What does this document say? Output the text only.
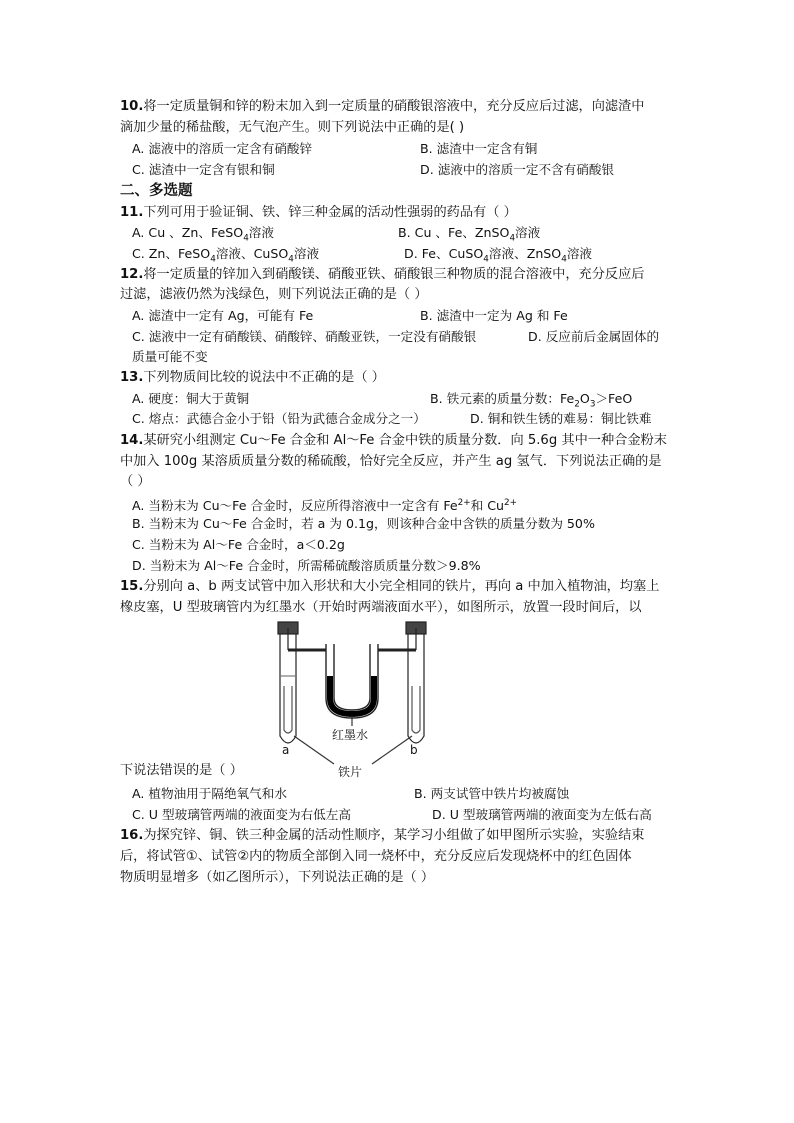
10.将一定质量铜和锌的粉末加入到一定质量的硝酸银溶液中，充分反应后过滤，向滤渣中
滴加少量的稀盐酸，无气泡产生。则下列说法中正确的是( )
A. 滤液中的溶质一定含有硝酸锌	B. 滤渣中一定含有铜
C. 滤渣中一定含有银和铜	D. 滤液中的溶质一定不含有硝酸银
二、多选题
11.下列可用于验证铜、铁、锌三种金属的活动性强弱的药品有（ ）
A. Cu 、Zn、FeSO$_4$溶液	B. Cu 、Fe、ZnSO$_4$溶液
C. Zn、FeSO$_4$溶液、CuSO$_4$溶液	D. Fe、CuSO$_4$溶液、ZnSO$_4$溶液
12.将一定质量的锌加入到硝酸镁、硝酸亚铁、硝酸银三种物质的混合溶液中，充分反应后
过滤，滤液仍然为浅绿色，则下列说法正确的是（ ）
A. 滤渣中一定有 Ag，可能有 Fe	B. 滤渣中一定为 Ag 和 Fe
C. 滤液中一定有硝酸镁、硝酸锌、硝酸亚铁，一定没有硝酸银	D. 反应前后金属固体的
质量可能不变
13.下列物质间比较的说法中不正确的是（ ）
A. 硬度：铜大于黄铜	B. 铁元素的质量分数：$Fe_2O_3>FeO$
C. 熔点：武德合金小于铅（铅为武德合金成分之一）	D. 铜和铁生锈的难易：铜比铁难
14.某研究小组测定 Cu～Fe 合金和 Al～Fe 合金中铁的质量分数．向 5.6g 其中一种合金粉末
中加入 100g 某溶质质量分数的稀硫酸，恰好完全反应，并产生 ag 氢气．下列说法正确的是
（ ）
A. 当粉末为 Cu～Fe 合金时，反应所得溶液中一定含有 $Fe^{2+}$和 $Cu^{2+}$
B. 当粉末为 Cu～Fe 合金时，若 a 为 0.1g，则该种合金中含铁的质量分数为 50%
C. 当粉末为 Al～Fe 合金时，a＜0.2g
D. 当粉末为 Al～Fe 合金时，所需稀硫酸溶质质量分数＞9.8%
15.分别向 a、b 两支试管中加入形状和大小完全相同的铁片，再向 a 中加入植物油，均塞上
橡皮塞，U 型玻璃管内为红墨水（开始时两端液面水平），如图所示，放置一段时间后，以
红墨水
铁片
a	b
下说法错误的是（ ）
A. 植物油用于隔绝氧气和水	B. 两支试管中铁片均被腐蚀
C. U 型玻璃管两端的液面变为右低左高	D. U 型玻璃管两端的液面变为左低右高
16.为探究锌、铜、铁三种金属的活动性顺序，某学习小组做了如甲图所示实验，实验结束
后，将试管①、试管②内的物质全部倒入同一烧杯中，充分反应后发现烧杯中的红色固体
物质明显增多（如乙图所示），下列说法正确的是（ ）
